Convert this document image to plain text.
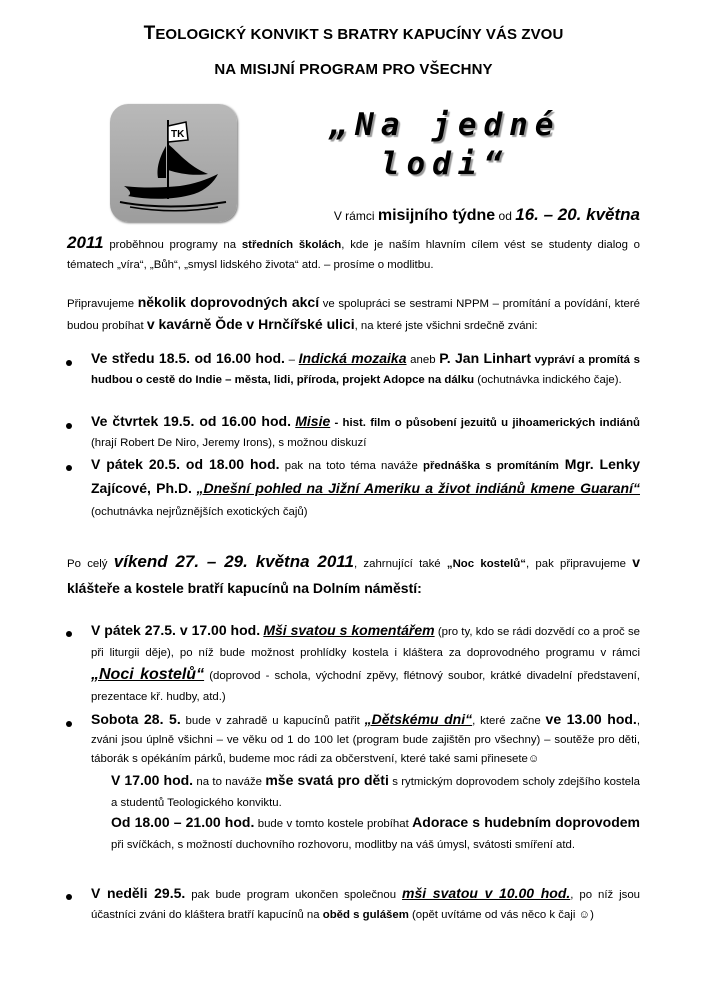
TEOLOGICKÝ KONVIKT S BRATRY KAPUCÍNY VÁS ZVOU
NA MISIJNÍ PROGRAM PRO VŠECHNY
TK	„Na jedné
lodi“
V rámci misijního týdne od 16. – 20. května
2011 proběhnou programy na středních školách, kde je naším hlavním cílem vést se studenty dialog o tématech „víra“, „Bůh“, „smysl lidského života“ atd. – prosíme o modlitbu.
Připravujeme několik doprovodných akcí ve spolupráci se sestrami NPPM – promítání a povídání, které budou probíhat v kavárně Ŏde v Hrnčířské ulici, na které jste všichni srdečně zváni:
Ve středu 18.5. od 16.00 hod. – Indická mozaika aneb P. Jan Linhart vypráví a promítá s hudbou o cestě do Indie – města, lidi, příroda, projekt Adopce na dálku (ochutnávka indického čaje).
Ve čtvrtek 19.5. od 16.00 hod. Misie - hist. film o působení jezuitů u jihoamerických indiánů (hrají Robert De Niro, Jeremy Irons), s možnou diskuzí
V pátek 20.5. od 18.00 hod. pak na toto téma naváže přednáška s promítáním Mgr. Lenky Zajícové, Ph.D. „Dnešní pohled na Jižní Ameriku a život indiánů kmene Guaraní“ (ochutnávka nejrůznějších exotických čajů)
Po celý víkend 27. – 29. května 2011, zahrnující také „Noc kostelů“, pak připravujeme v klášteře a kostele bratří kapucínů na Dolním náměstí:
V pátek 27.5. v 17.00 hod. Mši svatou s komentářem (pro ty, kdo se rádi dozvědí co a proč se při liturgii děje), po níž bude možnost prohlídky kostela i kláštera za doprovodného programu v rámci „Noci kostelů“ (doprovod - schola, východní zpěvy, flétnový soubor, krátké divadelní představení, prezentace kř. hudby, atd.)
Sobota 28. 5. bude v zahradě u kapucínů patřit „Dětskému dni“, které začne ve 13.00 hod., zváni jsou úplně všichni – ve věku od 1 do 100 let (program bude zajištěn pro všechny) – soutěže pro děti, táborák s opékáním párků, budeme moc rádi za občerstvení, které také sami přinesete☺
V 17.00 hod. na to naváže mše svatá pro děti s rytmickým doprovodem scholy zdejšího kostela a studentů Teologického konviktu.
Od 18.00 – 21.00 hod. bude v tomto kostele probíhat Adorace s hudebním doprovodem při svíčkách, s možností duchovního rozhovoru, modlitby na váš úmysl, svátosti smíření atd.
V neděli 29.5. pak bude program ukončen společnou mši svatou v 10.00 hod., po níž jsou účastníci zváni do kláštera bratří kapucínů na oběd s gulášem (opět uvítáme od vás něco k čaji ☺)
